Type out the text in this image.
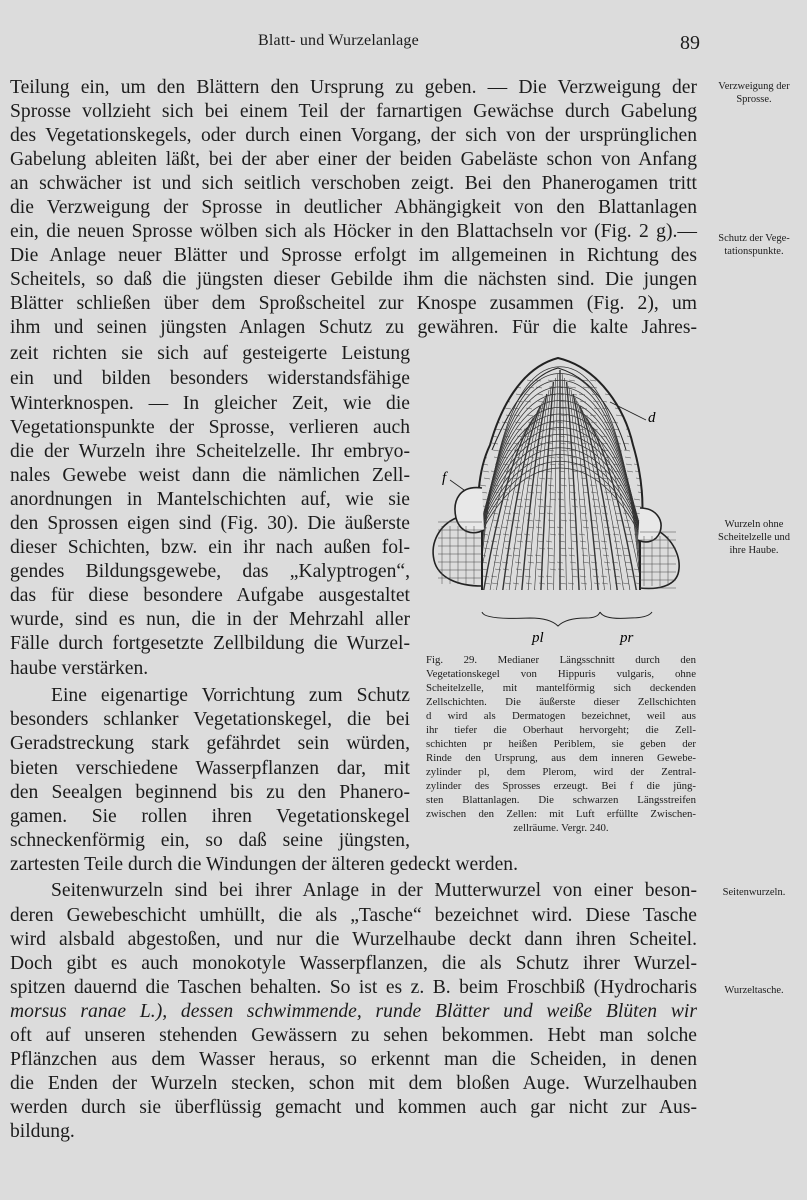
Blatt- und Wurzelanlage	89
Teilung ein, um den Blättern den Ursprung zu geben. — Die Verzweigung der
Sprosse vollzieht sich bei einem Teil der farnartigen Gewächse durch Gabelung
des Vegetationskegels, oder durch einen Vorgang, der sich von der ursprünglichen
Gabelung ableiten läßt, bei der aber einer der beiden Gabeläste schon von Anfang
an schwächer ist und sich seitlich verschoben zeigt. Bei den Phanerogamen tritt
die Verzweigung der Sprosse in deutlicher Abhängigkeit von den Blattanlagen
ein, die neuen Sprosse wölben sich als Höcker in den Blattachseln vor (Fig. 2 g).—
Die Anlage neuer Blätter und Sprosse erfolgt im allgemeinen in Richtung des
Scheitels, so daß die jüngsten dieser Gebilde ihm die nächsten sind. Die jungen
Blätter schließen über dem Sproßscheitel zur Knospe zusammen (Fig. 2), um
ihm und seinen jüngsten Anlagen Schutz zu gewähren. Für die kalte Jahres-
zeit richten sie sich auf gesteigerte Leistung
ein und bilden besonders widerstandsfähige
Winterknospen. — In gleicher Zeit, wie die
Vegetationspunkte der Sprosse, verlieren auch
die der Wurzeln ihre Scheitelzelle. Ihr embryo-
nales Gewebe weist dann die nämlichen Zell-
anordnungen in Mantelschichten auf, wie sie
den Sprossen eigen sind (Fig. 30). Die äußerste
dieser Schichten, bzw. ein ihr nach außen fol-
gendes Bildungsgewebe, das „Kalyptrogen“,
das für diese besondere Aufgabe ausgestaltet
wurde, sind es nun, die in der Mehrzahl aller
Fälle durch fortgesetzte Zellbildung die Wurzel-
haube verstärken.
Eine eigenartige Vorrichtung zum Schutz
besonders schlanker Vegetationskegel, die bei
Geradstreckung stark gefährdet sein würden,
bieten verschiedene Wasserpflanzen dar, mit
den Seealgen beginnend bis zu den Phanero-
gamen. Sie rollen ihren Vegetationskegel
schneckenförmig ein, so daß seine jüngsten,
zartesten Teile durch die Windungen der älteren gedeckt werden.
Seitenwurzeln sind bei ihrer Anlage in der Mutterwurzel von einer beson-
deren Gewebeschicht umhüllt, die als „Tasche“ bezeichnet wird. Diese Tasche
wird alsbald abgestoßen, und nur die Wurzelhaube deckt dann ihren Scheitel.
Doch gibt es auch monokotyle Wasserpflanzen, die als Schutz ihrer Wurzel-
spitzen dauernd die Taschen behalten. So ist es z. B. beim Froschbiß (Hydrocharis
morsus ranae L.), dessen schwimmende, runde Blätter und weiße Blüten wir
oft auf unseren stehenden Gewässern zu sehen bekommen. Hebt man solche
Pflänzchen aus dem Wasser heraus, so erkennt man die Scheiden, in denen
die Enden der Wurzeln stecken, schon mit dem bloßen Auge. Wurzelhauben
werden durch sie überflüssig gemacht und kommen auch gar nicht zur Aus-
bildung.
Verzweigung der
Sprosse.
Schutz der Vege-
tationspunkte.
Wurzeln ohne
Scheitelzelle und
ihre Haube.
Seitenwurzeln.
Wurzeltasche.
d
f
pl	pr
Fig. 29. Medianer Längsschnitt durch den
Vegetationskegel von Hippuris vulgaris, ohne
Scheitelzelle, mit mantelförmig sich deckenden
Zellschichten. Die äußerste dieser Zellschichten
d wird als Dermatogen bezeichnet, weil aus
ihr tiefer die Oberhaut hervorgeht; die Zell-
schichten pr heißen Periblem, sie geben der
Rinde den Ursprung, aus dem inneren Gewebe-
zylinder pl, dem Plerom, wird der Zentral-
zylinder des Sprosses erzeugt. Bei f die jüng-
sten Blattanlagen. Die schwarzen Längsstreifen
zwischen den Zellen: mit Luft erfüllte Zwischen-
zellräume. Vergr. 240.
